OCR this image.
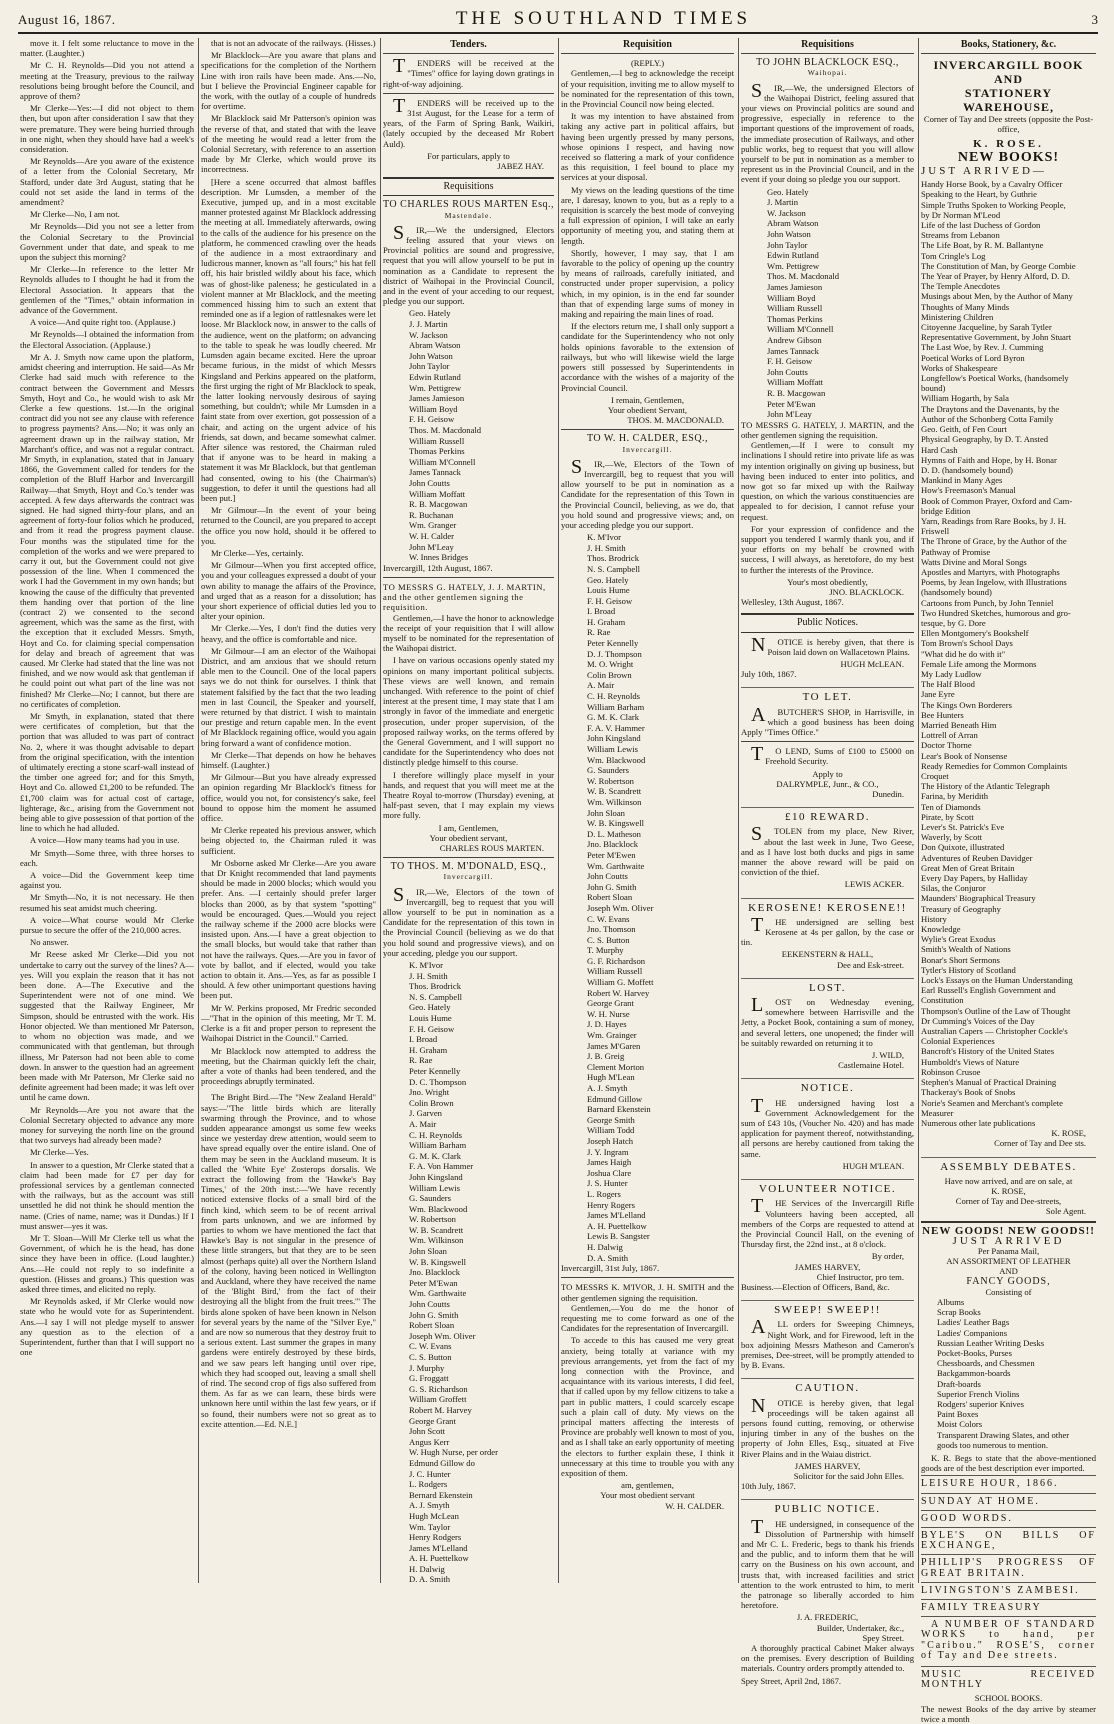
August 16, 1867.	THE SOUTHLAND TIMES	3

move it. I felt some reluctance to move in the matter. (Laughter.)

Mr C. H. Reynolds—Did you not attend a meeting at the Treasury, previous to the railway resolutions being brought before the Council, and approve of them?

Mr Clerke—Yes:—I did not object to them then, but upon after consideration I saw that they were premature. They were being hurried through in one night, when they should have had a week's consideration.

Mr Reynolds—Are you aware of the existence of a letter from the Colonial Secretary, Mr Stafford, under date 3rd August, stating that he could not set aside the land in terms of the amendment?

Mr Clerke—No, I am not.

Mr Reynolds—Did you not see a letter from the Colonial Secretary to the Provincial Government under that date, and speak to me upon the subject this morning?

Mr Clerke—In reference to the letter Mr Reynolds alludes to I thought he had it from the Electoral Association. It appears that the gentlemen of the "Times," obtain information in advance of the Government.

A voice—And quite right too. (Applause.)

Mr Reynolds—I obtained the information from the Electoral Association. (Applause.)

Mr A. J. Smyth now came upon the platform, amidst cheering and interruption. He said—As Mr Clerke had said much with reference to the contract between the Government and Messrs Smyth, Hoyt and Co., he would wish to ask Mr Clerke a few questions. 1st.—In the original contract did you not see any clause with reference to progress payments? Ans.—No; it was only an agreement drawn up in the railway station, Mr Marchant's office, and was not a regular contract. Mr Smyth, in explanation, stated that in January 1866, the Government called for tenders for the completion of the Bluff Harbor and Invercargill Railway—that Smyth, Hoyt and Co.'s tender was accepted. A few days afterwards the contract was signed. He had signed thirty-four plans, and an agreement of forty-four folios which he produced, and from it read the progress payment clause. Four months was the stipulated time for the completion of the works and we were prepared to carry it out, but the Government could not give possession of the line. When I commenced the work I had the Government in my own hands; but knowing the cause of the difficulty that prevented them handing over that portion of the line (contract 2) we consented to the second agreement, which was the same as the first, with the exception that it excluded Messrs. Smyth, Hoyt and Co. for claiming special compensation for delay and breach of agreement that was caused. Mr Clerke had stated that the line was not finished, and we now would ask that gentleman if he could point out what part of the line was not finished? Mr Clerke—No; I cannot, but there are no certificates of completion.

Mr Smyth, in explanation, stated that there were certificates of completion, but that the portion that was alluded to was part of contract No. 2, where it was thought advisable to depart from the original specification, with the intention of ultimately erecting a stone scarf-wall instead of the timber one agreed for; and for this Smyth, Hoyt and Co. allowed £1,200 to be refunded. The £1,700 claim was for actual cost of cartage, lighterage, &c., arising from the Government not being able to give possession of that portion of the line to which he had alluded.

A voice—How many teams had you in use.

Mr Smyth—Some three, with three horses to each.

A voice—Did the Government keep time against you.

Mr Smyth—No, it is not necessary. He then resumed his seat amidst much cheering.

A voice—What course would Mr Clerke pursue to secure the offer of the 210,000 acres.

No answer.

Mr Reese asked Mr Clerke—Did you not undertake to carry out the survey of the lines? A—yes. Will you explain the reason that it has not been done. A—The Executive and the Superintendent were not of one mind. We suggested that the Railway Engineer, Mr Simpson, should be entrusted with the work. His Honor objected. We than mentioned Mr Paterson, to whom no objection was made, and we communicated with that gentleman, but through illness, Mr Paterson had not been able to come down. In answer to the question had an agreement been made with Mr Paterson, Mr Clerke said no definite agreement had been made; it was left over until he came down.

Mr Reynolds—Are you not aware that the Colonial Secretary objected to advance any more money for surveying the north line on the ground that two surveys had already been made?

Mr Clerke—Yes.

In answer to a question, Mr Clerke stated that a claim had been made for £7 per day for professional services by a gentleman connected with the railways, but as the account was still unsettled he did not think he should mention the name. (Cries of name, name; was it Dundas.) If I must answer—yes it was.

Mr T. Sloan—Will Mr Clerke tell us what the Government, of which he is the head, has done since they have been in office. (Loud laughter.) Ans.—He could not reply to so indefinite a question. (Hisses and groans.) This question was asked three times, and elicited no reply.

Mr Reynolds asked, if Mr Clerke would now state who he would vote for as Superintendent. Ans.—I say I will not pledge myself to answer any question as to the election of a Superintendent, further than that I will support no one

that is not an advocate of the railways. (Hisses.)

Mr Blacklock—Are you aware that plans and specifications for the completion of the Northern Line with iron rails have been made. Ans.—No, but I believe the Provincial Engineer capable for the work, with the outlay of a couple of hundreds for overtime.

Mr Blacklock said Mr Patterson's opinion was the reverse of that, and stated that with the leave of the meeting he would read a letter from the Colonial Secretary, with reference to an assertion made by Mr Clerke, which would prove its incorrectness.

[Here a scene occurred that almost baffles description. Mr Lumsden, a member of the Executive, jumped up, and in a most excitable manner protested against Mr Blacklock addressing the meeting at all. Immediately afterwards, owing to the calls of the audience for his presence on the platform, he commenced crawling over the heads of the audience in a most extraordinary and ludicrous manner, known as "all fours;" his hat fell off, his hair bristled wildly about his face, which was of ghost-like paleness; he gesticulated in a violent manner at Mr Blacklock, and the meeting commenced hissing him to such an extent that reminded one as if a legion of rattlesnakes were let loose. Mr Blacklock now, in answer to the calls of the audience, went on the platform; on advancing to the table to speak he was loudly cheered. Mr Lumsden again became excited. Here the uproar became furious, in the midst of which Messrs Kingsland and Perkins appeared on the platform, the first urging the right of Mr Blacklock to speak, the latter looking nervously desirous of saying something, but couldn't; while Mr Lumsden in a faint state from over exertion, got possession of a chair, and acting on the urgent advice of his friends, sat down, and became somewhat calmer. After silence was restored, the Chairman ruled that if anyone was to be heard in making a statement it was Mr Blacklock, but that gentleman had consented, owing to his (the Chairman's) suggestion, to defer it until the questions had all been put.]

Mr Gilmour—In the event of your being returned to the Council, are you prepared to accept the office you now hold, should it be offered to you.

Mr Clerke—Yes, certainly.

Mr Gilmour—When you first accepted office, you and your colleagues expressed a doubt of your own ability to manage the affairs of the Province, and urged that as a reason for a dissolution; has your short experience of official duties led you to alter your opinion.

Mr Clerke.—Yes, I don't find the duties very heavy, and the office is comfortable and nice.

Mr Gilmour—I am an elector of the Waihopai District, and am anxious that we should return able men to the Council. One of the local papers says we do not think for ourselves. I think that statement falsified by the fact that the two leading men in last Council, the Speaker and yourself, were returned by that district. I wish to maintain our prestige and return capable men. In the event of Mr Blacklock regaining office, would you again bring forward a want of confidence motion.

Mr Clerke—That depends on how he behaves himself. (Laughter.)

Mr Gilmour—But you have already expressed an opinion regarding Mr Blacklock's fitness for office, would you not, for consistency's sake, feel bound to oppose him the moment he assumed office.

Mr Clerke repeated his previous answer, which being objected to, the Chairman ruled it was sufficient.

Mr Osborne asked Mr Clerke—Are you aware that Dr Knight recommended that land payments should be made in 2000 blocks; which would you prefer. Ans. —I certainly should prefer larger blocks than 2000, as by that system "spotting" would be encouraged. Ques.—Would you reject the railway scheme if the 2000 acre blocks were insisted upon. Ans.—I have a great objection to the small blocks, but would take that rather than not have the railways. Ques.—Are you in favor of vote by ballot, and if elected, would you take action to obtain it. Ans.—Yes, as far as possible I should. A few other unimportant questions having been put.

Mr W. Perkins proposed, Mr Fredric seconded—"That in the opinion of this meeting, Mr T. M. Clerke is a fit and proper person to represent the Waihopai District in the Council." Carried.

Mr Blacklock now attempted to address the meeting, but the Chairman quickly left the chair, after a vote of thanks had been tendered, and the proceedings abruptly terminated.

The Bright Bird.—The "New Zealand Herald" says:—"The little birds which are literally swarming through the Province, and to whose sudden appearance amongst us some few weeks since we yesterday drew attention, would seem to have spread equally over the entire island. One of them may be seen in the Auckland museum. It is called the 'White Eye' Zosterops dorsalis. We extract the following from the 'Hawke's Bay Times,' of the 20th inst.:—'We have recently noticed extensive flocks of a small bird of the finch kind, which seem to be of recent arrival from parts unknown, and we are informed by parties to whom we have mentioned the fact that Hawke's Bay is not singular in the presence of these little strangers, but that they are to be seen almost (perhaps quite) all over the Northern Island of the colony, having been noticed in Wellington and Auckland, where they have received the name of the 'Blight Bird,' from the fact of their destroying all the blight from the fruit trees.'" The birds alone spoken of have been known in Nelson for several years by the name of the "Silver Eye," and are now so numerous that they destroy fruit to a serious extent. Last summer the grapes in many gardens were entirely destroyed by these birds, and we saw pears left hanging until over ripe, which they had scooped out, leaving a small shell of rind. The second crop of figs also suffered from them. As far as we can learn, these birds were unknown here until within the last few years, or if so found, their numbers were not so great as to excite attention.—Ed. N.E.]

Tenders.

TENDERS will be received at the "Times" office for laying down gratings in right-of-way adjoining.

TENDERS will be received up to the 31st August, for the Lease for a term of years, of the Farm of Spring Bank, Waikiri, (lately occupied by the deceased Mr Robert Auld).

For particulars, apply to
JABEZ HAY.
Requisitions
TO CHARLES ROUS MARTEN Esq.,
Mastendale.

SIR,—We the undersigned, Electors feeling assured that your views on Provincial politics are sound and progressive, request that you will allow yourself to be put in nomination as a Candidate to represent the district of Waihopai in the Provincial Council, and in the event of your acceding to our request, pledge you our support.

Geo. Hately
J. J. Martin
W. Jackson
Abram Watson
John Watson
John Taylor
Edwin Rutland
Wm. Pettigrew
James Jamieson
William Boyd
F. H. Geisow
Thos. M. Macdonald
William Russell
Thomas Perkins
William M'Connell
James Tannack
John Coutts
William Moffatt
R. B. Macgowan
R. Buchanan
Wm. Granger
W. H. Calder
John M'Leay
W. Innes Bridges
Invercargill, 12th August, 1867.
TO MESSRS G. HATELY, J. J. MARTIN, and the other gentlemen signing the requisition.

Gentlemen,—I have the honor to acknowledge the receipt of your requisition that I will allow myself to be nominated for the representation of the Waihopai district.

I have on various occasions openly stated my opinions on many important political subjects. These views are well known, and remain unchanged. With reference to the point of chief interest at the present time, I may state that I am strongly in favor of the immediate and energetic prosecution, under proper supervision, of the proposed railway works, on the terms offered by the General Government, and I will support no candidate for the Superintendency who does not distinctly pledge himself to this course.

I therefore willingly place myself in your hands, and request that you will meet me at the Theatre Royal to-morrow (Thursday) evening, at half-past seven, that I may explain my views more fully.

I am, Gentlemen,
Your obedient servant,
CHARLES ROUS MARTEN.
TO THOS. M. M'DONALD, ESQ.,
Invercargill.

SIR,—We, Electors of the town of Invercargill, beg to request that you will allow yourself to be put in nomination as a Candidate for the representation of this town in the Provincial Council (believing as we do that you hold sound and progressive views), and on your acceding, pledge you our support.

K. M'Ivor
J. H. Smith
Thos. Brodrick
N. S. Campbell
Geo. Hately
Louis Hume
F. H. Geisow
I. Broad
H. Graham
R. Rae
Peter Kennelly
D. C. Thompson
Jno. Wright
Colin Brown
J. Garven
A. Mair
C. H. Reynolds
William Barham
G. M. K. Clark
F. A. Von Hammer
John Kingsland
William Lewis
G. Saunders
Wm. Blackwood
W. Robertson
W. B. Scandrett
Wm. Wilkinson
John Sloan
W. B. Kingswell
Jno. Blacklock
Peter M'Ewan
Wm. Garthwaite
John Coutts
John G. Smith
Robert Sloan
Joseph Wm. Oliver
C. W. Evans
C. S. Button
J. Murphy
G. Froggatt
G. S. Richardson
William Groffett
Robert M. Harvey
George Grant
John Scott
Angus Kerr
W. Hugh Nurse, per order
Edmund Gillow do
J. C. Hunter
L. Rodgers
Bernard Ekenstein
A. J. Smyth
Hugh McLean
Wm. Taylor
Henry Rodgers
James M'Lelland
A. H. Puettelkow
H. Dalwig
D. A. Smith
Requisition
(REPLY.)

Gentlemen,—I beg to acknowledge the receipt of your requisition, inviting me to allow myself to be nominated for the representation of this town, in the Provincial Council now being elected.

It was my intention to have abstained from taking any active part in political affairs, but having been urgently pressed by many persons, whose opinions I respect, and having now received so flattering a mark of your confidence as this requisition, I feel bound to place my services at your disposal.

My views on the leading questions of the time are, I daresay, known to you, but as a reply to a requisition is scarcely the best mode of conveying a full expression of opinion, I will take an early opportunity of meeting you, and stating them at length.

Shortly, however, I may say, that I am favorable to the policy of opening up the country by means of railroads, carefully initiated, and constructed under proper supervision, a policy which, in my opinion, is in the end far sounder than that of expending large sums of money in making and repairing the main lines of road.

If the electors return me, I shall only support a candidate for the Superintendency who not only holds opinions favorable to the extension of railways, but who will likewise wield the large powers still possessed by Superintendents in accordance with the wishes of a majority of the Provincial Council.

I remain, Gentlemen,
Your obedient Servant,
THOS. M. MACDONALD.
TO W. H. CALDER, ESQ.,
Invercargill.

SIR,—We, Electors of the Town of Invercargill, beg to request that you will allow yourself to be put in nomination as a Candidate for the representation of this Town in the Provincial Council, believing, as we do, that you hold sound and progressive views; and, on your acceding pledge you our support.

K. M'Ivor
J. H. Smith
Thos. Brodrick
N. S. Campbell
Geo. Hately
Louis Hume
F. H. Geisow
I. Broad
H. Graham
R. Rae
Peter Kennelly
D. J. Thompson
M. O. Wright
Colin Brown
A. Mair
C. H. Reynolds
William Barham
G. M. K. Clark
F. A. V. Hammer
John Kingsland
William Lewis
Wm. Blackwood
G. Saunders
W. Robertson
W. B. Scandrett
Wm. Wilkinson
John Sloan
W. B. Kingswell
D. L. Matheson
Jno. Blacklock
Peter M'Ewen
Wm. Garthwaite
John Coutts
John G. Smith
Robert Sloan
Joseph Wm. Oliver
C. W. Evans
Jno. Thomson
C. S. Button
T. Murphy
G. F. Richardson
William Russell
William G. Moffett
Robert W. Harvey
George Grant
W. H. Nurse
J. D. Hayes
Wm. Grainger
James M'Garen
J. B. Greig
Clement Morton
Hugh M'Lean
A. J. Smyth
Edmund Gillow
Barnard Ekenstein
George Smith
William Todd
Joseph Hatch
J. Y. Ingram
James Haigh
Joshua Clare
J. S. Hunter
L. Rogers
Henry Rogers
James M'Lelland
A. H. Puettelkow
Lewis B. Sangster
H. Dalwig
D. A. Smith
Invercargill, 31st July, 1867.
TO MESSRS K. M'IVOR, J. H. SMITH and the other gentlemen signing the requisition.

Gentlemen,—You do me the honor of requesting me to come forward as one of the Candidates for the representation of Invercargill.

To accede to this has caused me very great anxiety, being totally at variance with my previous arrangements, yet from the fact of my long connection with the Province, and acquaintance with its various interests, I did feel, that if called upon by my fellow citizens to take a part in public matters, I could scarcely escape such a plain call of duty. My views on the principal matters affecting the interests of Province are probably well known to most of you, and as I shall take an early opportunity of meeting the electors to further explain these, I think it unnecessary at this time to trouble you with any exposition of them.

am, gentlemen,
Your most obedient servant
W. H. CALDER.
Requisitions
TO JOHN BLACKLOCK ESQ.,
Waihopai.

SIR,—We, the undersigned Electors of the Waihopai District, feeling assured that your views on Provincial politics are sound and progressive, especially in reference to the important questions of the improvement of roads, the immediate prosecution of Railways, and other public works, beg to request that you will allow yourself to be put in nomination as a member to represent us in the Provincial Council, and in the event if your doing so pledge you our support.

Geo. Hately
J. Martin
W. Jackson
Abram Watson
John Watson
John Taylor
Edwin Rutland
Wm. Pettigrew
Thos. M. Macdonald
James Jamieson
William Boyd
William Russell
Thomas Perkins
William M'Connell
Andrew Gibson
James Tannack
F. H. Geisow
John Coutts
William Moffatt
R. B. Macgowan
Peter M'Ewan
John M'Leay
TO MESSRS G. HATELY, J. MARTIN, and the other gentlemen signing the requisition.

Gentlemen,—If I were to consult my inclinations I should retire into private life as was my intention originally on giving up business, but having been induced to enter into politics, and now got so far mixed up with the Railway question, on which the various constituencies are appealed to for decision, I cannot refuse your request.

For your expression of confidence and the support you tendered I warmly thank you, and if your efforts on my behalf be crowned with success, I will always, as heretofore, do my best to further the interests of the Province.

Your's most obediently,
JNO. BLACKLOCK.
Wellesley, 13th August, 1867.
Public Notices.

NOTICE is hereby given, that there is Poison laid down on Wallacetown Plains.

HUGH McLEAN.
July 10th, 1867.
TO LET.

ABUTCHER'S SHOP, in Harrisville, in which a good business has been doing Apply "Times Office."

TO LEND, Sums of £100 to £5000 on Freehold Security.

Apply to
DALRYMPLE, Junr., & CO.,
Dunedin.
£10 REWARD.

STOLEN from my place, New River, about the last week in June, Two Geese, and as I have lost both ducks and pigs in same manner the above reward will be paid on conviction of the thief.

LEWIS ACKER.
KEROSENE! KEROSENE!!

THE undersigned are selling best Kerosene at 4s per gallon, by the case or tin.

EEKENSTERN & HALL,
Dee and Esk-street.
LOST.

LOST on Wednesday evening, somewhere between Harrisville and the Jetty, a Pocket Book, containing a sum of money, and several letters, one unopened; the finder will be suitably rewarded on returning it to

J. WILD,
Castlemaine Hotel.
NOTICE.

THE undersigned having lost a Government Acknowledgement for the sum of £43 10s, (Voucher No. 420) and has made application for payment thereof, notwithstanding, all persons are hereby cautioned from taking the same.

HUGH M'LEAN.
VOLUNTEER NOTICE.

THE Services of the Invercargill Rifle Volunteers having been accepted, all members of the Corps are requested to attend at the Provincial Council Hall, on the evening of Thursday first, the 22nd inst., at 8 o'clock.

By order,
JAMES HARVEY,
Chief Instructor, pro tem.
Business.—Election of Officers, Band, &c.
SWEEP! SWEEP!!

ALL orders for Sweeping Chimneys, Night Work, and for Firewood, left in the box adjoining Messrs Matheson and Cameron's premises, Dee-street, will be promptly attended to by B. Evans.

CAUTION.

NOTICE is hereby given, that legal proceedings will be taken against all persons found cutting, removing, or otherwise injuring timber in any of the bushes on the property of John Elles, Esq., situated at Five River Plains and in the Waiau district.

JAMES HARVEY,
Solicitor for the said John Elles.
10th July, 1867.
PUBLIC NOTICE.

THE undersigned, in consequence of the Dissolution of Partnership with himself and Mr C. L. Frederic, begs to thank his friends and the public, and to inform them that he will carry on the Business on his own account, and trusts that, with increased facilities and strict attention to the work entrusted to him, to merit the patronage so liberally accorded to him heretofore.

J. A. FREDERIC,
Builder, Undertaker, &c.,
Spey Street.

A thoroughly practical Cabinet Maker always on the premises. Every description of Building materials. Country orders promptly attended to.

Spey Street, April 2nd, 1867.
Books, Stationery, &c.
INVERCARGILL BOOK AND
STATIONERY WAREHOUSE,
Corner of Tay and Dee streets (opposite the Post-office,
K. ROSE.
NEW BOOKS!
JUST ARRIVED—
Handy Horse Book, by a Cavalry Officer
Speaking to the Heart, by Guthrie
Simple Truths Spoken to Working People,
by Dr Norman M'Leod
Life of the last Duchess of Gordon
Streams from Lebanon
The Life Boat, by R. M. Ballantyne
Tom Cringle's Log
The Constitution of Man, by George Combie
The Year of Prayer, by Henry Alford, D. D.
The Temple Anecdotes
Musings about Men, by the Author of Many
Thoughts of Many Minds
Ministering Children
Citoyenne Jacqueline, by Sarah Tytler
Representative Government, by John Stuart
The Last Woe, by Rev. J. Cumming
Poetical Works of Lord Byron
Works of Shakespeare
Longfellow's Poetical Works, (handsomely
bound)
William Hogarth, by Sala
The Draytons and the Davenants, by the
Author of the Schonberg Cotta Family
Geo. Geith, of Fen Court
Physical Geography, by D. T. Ansted
Hard Cash
Hymns of Faith and Hope, by H. Bonar
D. D. (handsomely bound)
Mankind in Many Ages
How's Freemason's Manual
Book of Common Prayer, Oxford and Cam-
bridge Edition
Yarn, Readings from Rare Books, by J. H.
Friswell
The Throne of Grace, by the Author of the
Pathway of Promise
Watts Divine and Moral Songs
Apostles and Martyrs, with Photographs
Poems, by Jean Ingelow, with Illustrations
(handsomely bound)
Cartoons from Punch, by John Tenniel
Two Hundred Sketches, humorous and gro-
tesque, by G. Dore
Ellen Montgomery's Bookshelf
Tom Brown's School Days
"What did he do with it"
Female Life among the Mormons
My Lady Ludlow
The Half Blood
Jane Eyre
The Kings Own Borderers
Bee Hunters
Married Beneath Him
Lottrell of Arran
Doctor Thorne
Lear's Book of Nonsense
Ready Remedies for Common Complaints
Croquet
The History of the Atlantic Telegraph
Farina, by Meridith
Ten of Diamonds
Pirate, by Scott
Lever's St. Patrick's Eve
Waverly, by Scott
Don Quixote, illustrated
Adventures of Reuben Davidger
Great Men of Great Britain
Every Day Papers, by Halliday
Silas, the Conjuror
Maunders' Biographical Treasury
Treasury of Geography
History
Knowledge
Wylie's Great Exodus
Smith's Wealth of Nations
Bonar's Short Sermons
Tytler's History of Scotland
Lock's Essays on the Human Understanding
Earl Russell's English Government and
Constitution
Thompson's Outline of the Law of Thought
Dr Cumming's Voices of the Day
Australian Capers — Christopher Cockle's
Colonial Experiences
Bancroft's History of the United States
Humboldt's Views of Nature
Robinson Crusoe
Stephen's Manual of Practical Draining
Thackeray's Book of Snobs
Norie's Seamen and Merchant's complete
Measurer
Numerous other late publications
K. ROSE,
Corner of Tay and Dee sts.
ASSEMBLY DEBATES.
Have now arrived, and are on sale, at
K. ROSE,
Corner of Tay and Dee-streets,
Sole Agent.
NEW GOODS! NEW GOODS!!
JUST ARRIVED
Per Panama Mail,
AN ASSORTMENT OF LEATHER
AND
FANCY GOODS,
Consisting of
Albums
Scrap Books
Ladies' Leather Bags
Ladies' Companions
Russian Leather Writing Desks
Pocket-Books, Purses
Chessboards, and Chessmen
Backgammon-boards
Draft-boards
Superior French Violins
Rodgers' superior Knives
Paint Boxes
Moist Colors
Transparent Drawing Slates, and other
goods too numerous to mention.

K. R. Begs to state that the above-mentioned goods are of the best description ever imported.

LEISURE HOUR, 1866.
SUNDAY AT HOME.
GOOD WORDS.
BYLE'S ON BILLS OF EXCHANGE,
PHILLIP'S PROGRESS OF GREAT BRITAIN.
LIVINGSTON'S ZAMBESI.
FAMILY TREASURY

A NUMBER OF STANDARD WORKS to hand, per "Caribou." ROSE'S, corner of Tay and Dee streets.

MUSIC RECEIVED MONTHLY
SCHOOL BOOKS.
The newest Books of the day arrive by steamer twice a month
